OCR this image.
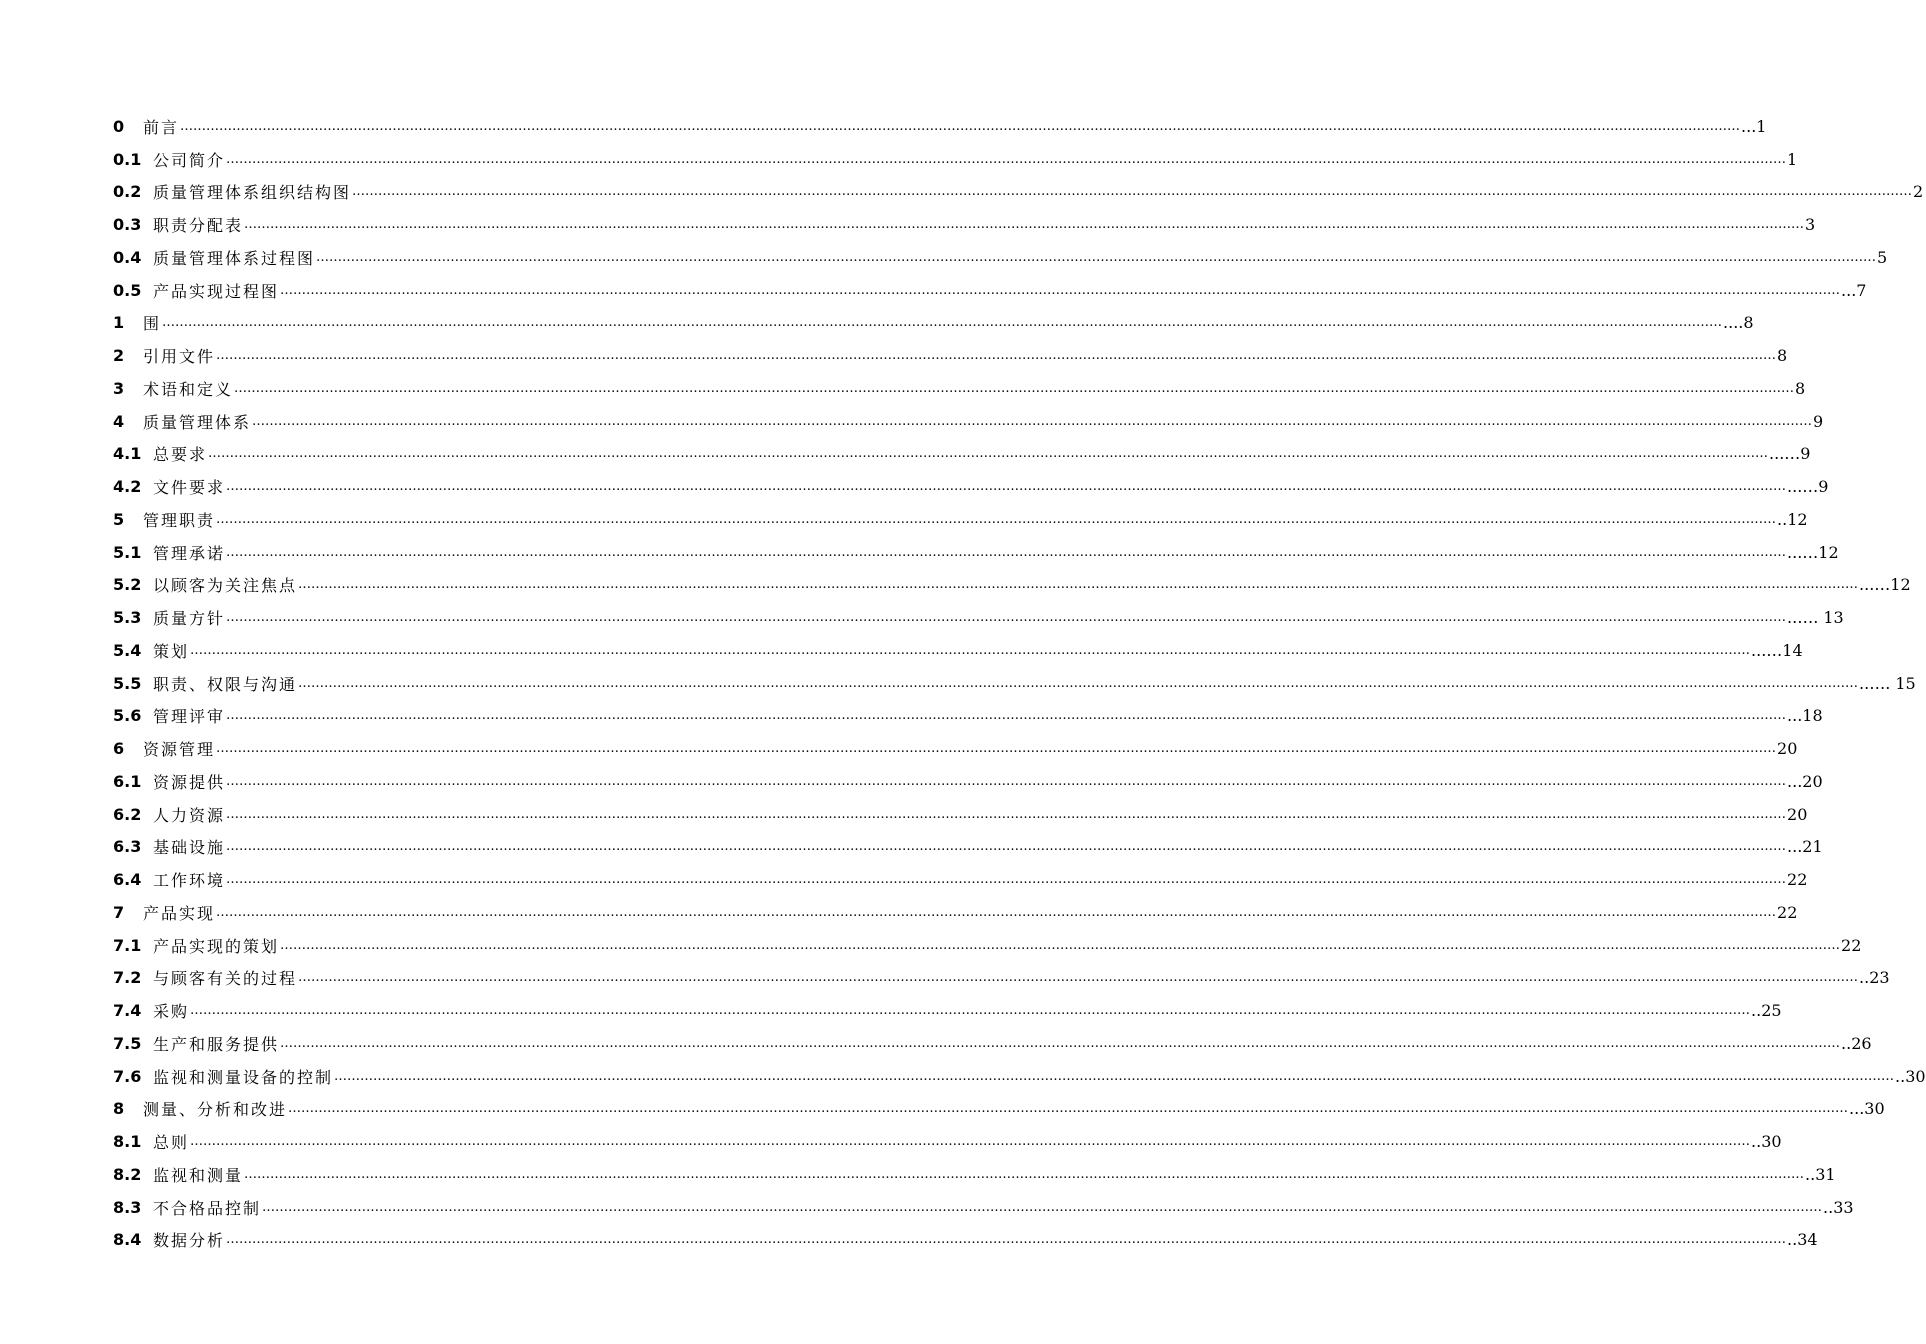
0	前言 ……………………………………………………………………………………………………………………………………………………………………………………………………………………………………………………………………………………………………………………………… ...1
0.1 公司简介 ……………………………………………………………………………………………………………………………………………………………………………………………………………………………………………………………………………………………………………………………… 1
0.2 质量管理体系组织结构图 ……………………………………………………………………………………………………………………………………………………………………………………………………………………………………………………………………………………………………………………………… 2
0.3 职责分配表 ……………………………………………………………………………………………………………………………………………………………………………………………………………………………………………………………………………………………………………………………… 3
0.4 质量管理体系过程图 ……………………………………………………………………………………………………………………………………………………………………………………………………………………………………………………………………………………………………………………………… 5
0.5 产品实现过程图 ……………………………………………………………………………………………………………………………………………………………………………………………………………………………………………………………………………………………………………………………… ...7
1	围 ……………………………………………………………………………………………………………………………………………………………………………………………………………………………………………………………………………………………………………………………… ....8
2	引用文件 ……………………………………………………………………………………………………………………………………………………………………………………………………………………………………………………………………………………………………………………………… 8
3	术语和定义 ……………………………………………………………………………………………………………………………………………………………………………………………………………………………………………………………………………………………………………………………… 8
4	质量管理体系 ……………………………………………………………………………………………………………………………………………………………………………………………………………………………………………………………………………………………………………………………… 9
4.1 总要求 ……………………………………………………………………………………………………………………………………………………………………………………………………………………………………………………………………………………………………………………………… ...…9
4.2 文件要求 ……………………………………………………………………………………………………………………………………………………………………………………………………………………………………………………………………………………………………………………………… ...…9
5	管理职责 ……………………………………………………………………………………………………………………………………………………………………………………………………………………………………………………………………………………………………………………………… ..12
5.1 管理承诺 ……………………………………………………………………………………………………………………………………………………………………………………………………………………………………………………………………………………………………………………………… ...…12
5.2 以顾客为关注焦点 ……………………………………………………………………………………………………………………………………………………………………………………………………………………………………………………………………………………………………………………………… ...…12
5.3 质量方针 ……………………………………………………………………………………………………………………………………………………………………………………………………………………………………………………………………………………………………………………………… ..…. 13
5.4 策划 ……………………………………………………………………………………………………………………………………………………………………………………………………………………………………………………………………………………………………………………………… ...…14
5.5 职责、权限与沟通 ……………………………………………………………………………………………………………………………………………………………………………………………………………………………………………………………………………………………………………………………… ..…. 15
5.6 管理评审 ……………………………………………………………………………………………………………………………………………………………………………………………………………………………………………………………………………………………………………………………… ...18
6	资源管理 ……………………………………………………………………………………………………………………………………………………………………………………………………………………………………………………………………………………………………………………………… 20
6.1 资源提供 ……………………………………………………………………………………………………………………………………………………………………………………………………………………………………………………………………………………………………………………………… ...20
6.2 人力资源 ……………………………………………………………………………………………………………………………………………………………………………………………………………………………………………………………………………………………………………………………… 20
6.3 基础设施 ……………………………………………………………………………………………………………………………………………………………………………………………………………………………………………………………………………………………………………………………… ...21
6.4 工作环境 ……………………………………………………………………………………………………………………………………………………………………………………………………………………………………………………………………………………………………………………………… 22
7	产品实现 ……………………………………………………………………………………………………………………………………………………………………………………………………………………………………………………………………………………………………………………………… 22
7.1 产品实现的策划 ……………………………………………………………………………………………………………………………………………………………………………………………………………………………………………………………………………………………………………………………… 22
7.2 与顾客有关的过程 ……………………………………………………………………………………………………………………………………………………………………………………………………………………………………………………………………………………………………………………………… ..23
7.4 采购 ……………………………………………………………………………………………………………………………………………………………………………………………………………………………………………………………………………………………………………………………… ..25
7.5 生产和服务提供 ……………………………………………………………………………………………………………………………………………………………………………………………………………………………………………………………………………………………………………………………… ..26
7.6 监视和测量设备的控制 ……………………………………………………………………………………………………………………………………………………………………………………………………………………………………………………………………………………………………………………………… ..30
8	测量、分析和改进 ……………………………………………………………………………………………………………………………………………………………………………………………………………………………………………………………………………………………………………………………… ...30
8.1 总则 ……………………………………………………………………………………………………………………………………………………………………………………………………………………………………………………………………………………………………………………………… ..30
8.2 监视和测量 ……………………………………………………………………………………………………………………………………………………………………………………………………………………………………………………………………………………………………………………………… ..31
8.3 不合格品控制 ……………………………………………………………………………………………………………………………………………………………………………………………………………………………………………………………………………………………………………………………… ..33
8.4 数据分析 ……………………………………………………………………………………………………………………………………………………………………………………………………………………………………………………………………………………………………………………………… ..34
